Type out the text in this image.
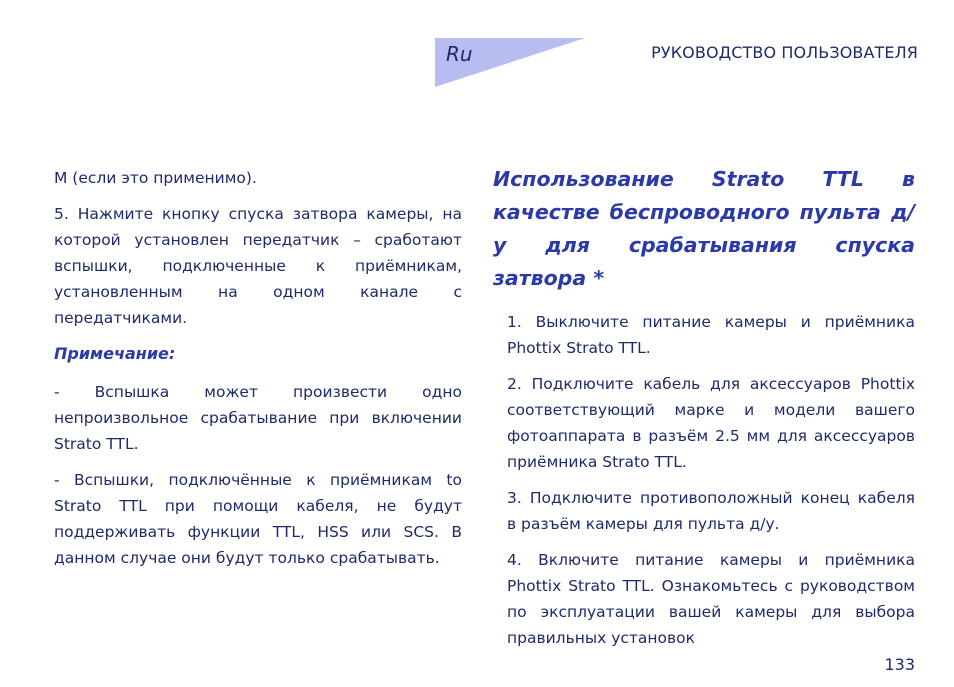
Ru	РУКОВОДСТВО ПОЛЬЗОВАТЕЛЯ

M (если это применимо).

5. Нажмите кнопку спуска затвора камеры, на которой установлен передатчик – сработают вспышки, подключенные к приёмникам, установленным на одном канале с передатчиками.

Примечание:

- Вспышка может произвести одно непроизвольное срабатывание при включении Strato TTL.

- Вспышки, подключённые к приёмникам to Strato TTL при помощи кабеля, не будут поддерживать функции TTL, HSS или SCS. В данном случае они будут только срабатывать.

Использование Strato TTL в качестве беспроводного пульта д/у для срабатывания спуска затвора *

1. Выключите питание камеры и приёмника Phottix Strato TTL.

2. Подключите кабель для аксессуаров Phottix соответствующий марке и модели вашего фотоаппарата в разъём 2.5 мм для аксессуаров приёмника Strato TTL.

3. Подключите противоположный конец кабеля в разъём камеры для пульта д/у.

4. Включите питание камеры и приёмника Phottix Strato TTL. Ознакомьтесь с руководством по эксплуатации вашей камеры для выбора правильных установок

133
